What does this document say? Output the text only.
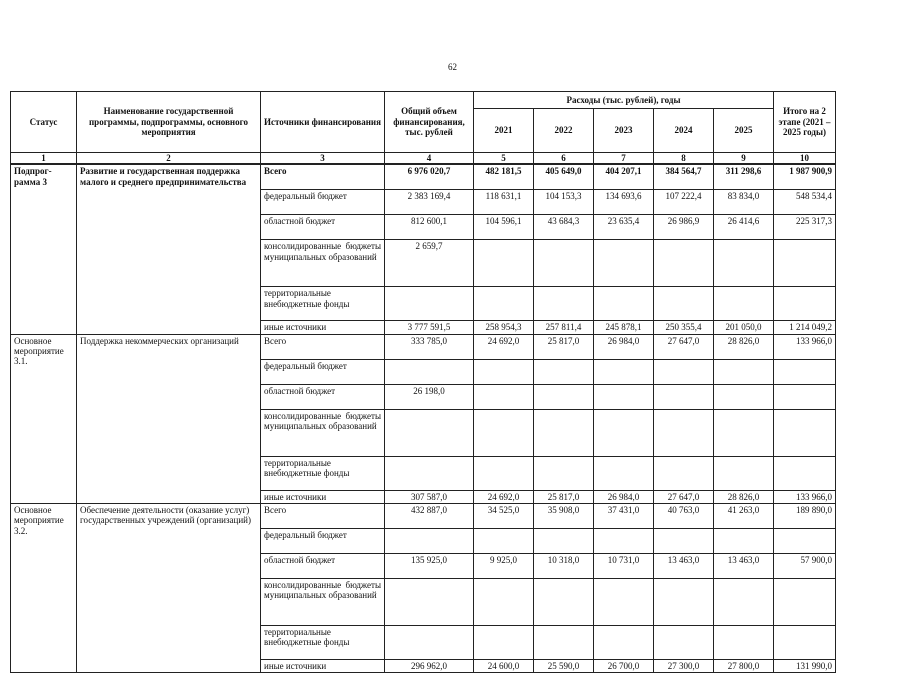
62
Статус	Наименование государственной программы, подпрограммы, основного мероприятия	Источники финансирования	Общий объем финансирования, тыс. рублей	Расходы (тыс. рублей), годы					Итого на 2 этапе (2021 – 2025 годы)
				2021	2022	2023	2024	2025	
1	2	3	4	5	6	7	8	9	10
Подпрог-рамма 3	Развитие и государственная поддержка малого и среднего предпринимательства	Всего	6 976 020,7	482 181,5	405 649,0	404 207,1	384 564,7	311 298,6	1 987 900,9
		федеральный бюджет	2 383 169,4	118 631,1	104 153,3	134 693,6	107 222,4	83 834,0	548 534,4
		областной бюджет	812 600,1	104 596,1	43 684,3	23 635,4	26 986,9	26 414,6	225 317,3
		консолидированные бюджеты муниципальных образований	2 659,7						
		территориальные внебюджетные фонды							
		иные источники	3 777 591,5	258 954,3	257 811,4	245 878,1	250 355,4	201 050,0	1 214 049,2
Основное мероприятие 3.1.	Поддержка некоммерческих организаций	Всего	333 785,0	24 692,0	25 817,0	26 984,0	27 647,0	28 826,0	133 966,0
		федеральный бюджет							
		областной бюджет	26 198,0						
		консолидированные бюджеты муниципальных образований							
		территориальные внебюджетные фонды							
		иные источники	307 587,0	24 692,0	25 817,0	26 984,0	27 647,0	28 826,0	133 966,0
Основное мероприятие 3.2.	Обеспечение деятельности (оказание услуг) государственных учреждений (организаций)	Всего	432 887,0	34 525,0	35 908,0	37 431,0	40 763,0	41 263,0	189 890,0
		федеральный бюджет							
		областной бюджет	135 925,0	9 925,0	10 318,0	10 731,0	13 463,0	13 463,0	57 900,0
		консолидированные бюджеты муниципальных образований							
		территориальные внебюджетные фонды							
		иные источники	296 962,0	24 600,0	25 590,0	26 700,0	27 300,0	27 800,0	131 990,0
